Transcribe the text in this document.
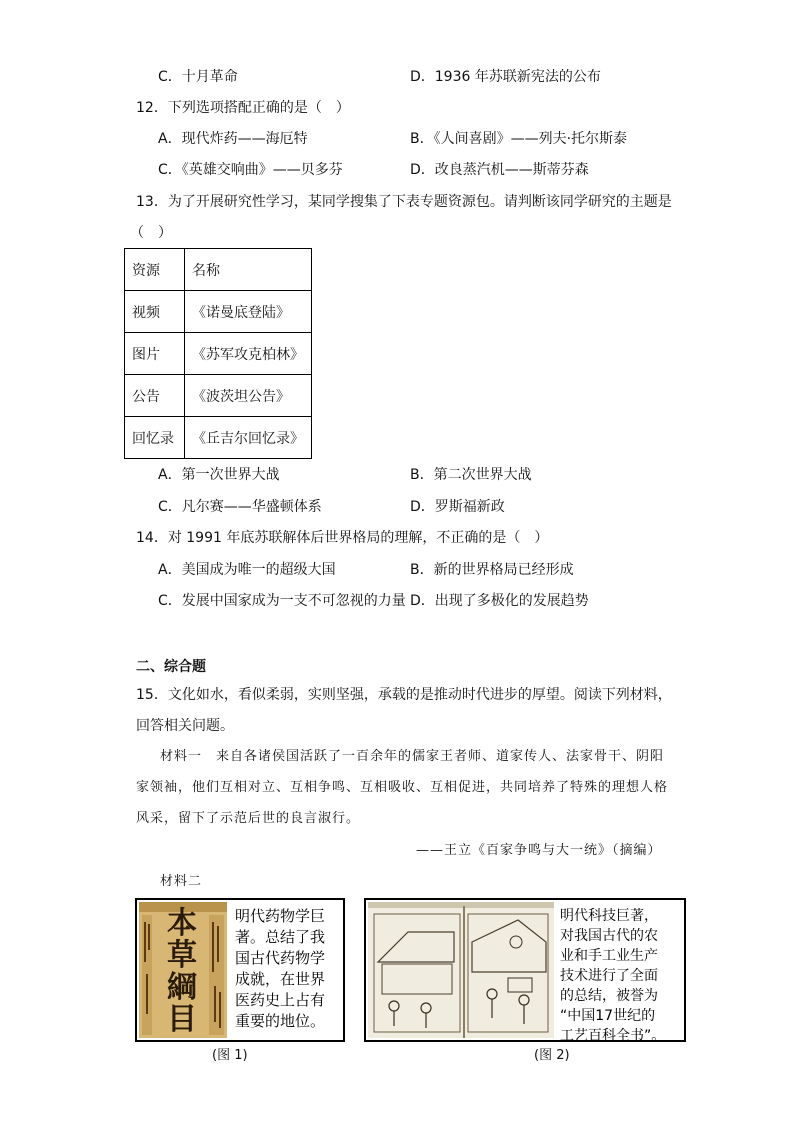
C．十月革命	D．1936 年苏联新宪法的公布
12．下列选项搭配正确的是（　）
A．现代炸药——海厄特	B．《人间喜剧》——列夫·托尔斯泰
C．《英雄交响曲》——贝多芬	D．改良蒸汽机——斯蒂芬森
13．为了开展研究性学习，某同学搜集了下表专题资源包。请判断该同学研究的主题是
（　）
资源	名称
视频	《诺曼底登陆》
图片	《苏军攻克柏林》
公告	《波茨坦公告》
回忆录	《丘吉尔回忆录》
A．第一次世界大战	B．第二次世界大战
C．凡尔赛——华盛顿体系	D．罗斯福新政
14．对 1991 年底苏联解体后世界格局的理解，不正确的是（　）
A．美国成为唯一的超级大国	B．新的世界格局已经形成
C．发展中国家成为一支不可忽视的力量 D．出现了多极化的发展趋势
二、综合题
15．文化如水，看似柔弱，实则坚强，承载的是推动时代进步的厚望。阅读下列材料，
回答相关问题。
材料一　来自各诸侯国活跃了一百余年的儒家王者师、道家传人、法家骨干、阴阳
家领袖，他们互相对立、互相争鸣、互相吸收、互相促进，共同培养了特殊的理想人格
风采，留下了示范后世的良言淑行。
——王立《百家争鸣与大一统》（摘编）
材料二
本草綱目
明代药物学巨
著。总结了我
国古代药物学
成就，在世界
医药史上占有
重要的地位。
(图 1)
明代科技巨著，
对我国古代的农
业和手工业生产
技术进行了全面
的总结，被誉为
“中国17世纪的
工艺百科全书”。
(图 2)
